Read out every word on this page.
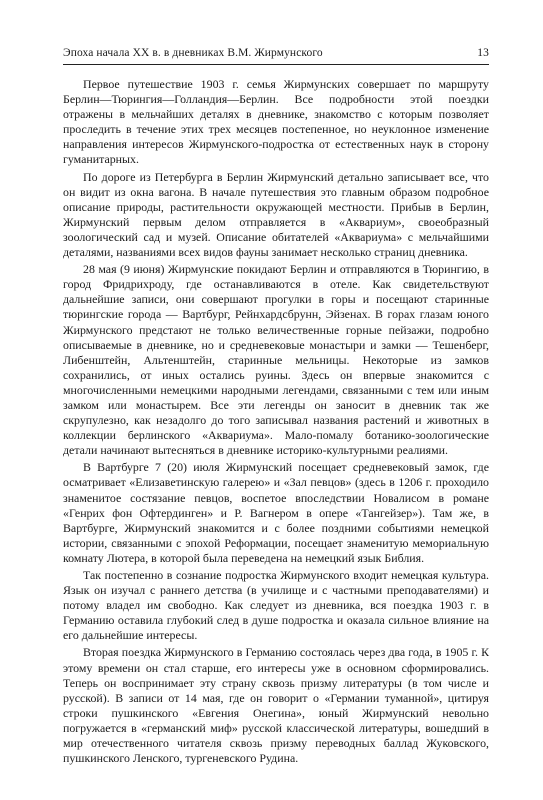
Эпоха начала ХХ в. в дневниках В.М. Жирмунского	13

Первое путешествие 1903 г. семья Жирмунских совершает по маршруту Берлин—Тюрингия—Голландия—Берлин. Все подробности этой поездки отражены в мельчайших деталях в дневнике, знакомство с которым позволяет проследить в течение этих трех месяцев постепенное, но неуклонное изменение направления интересов Жирмунского-подростка от естественных наук в сторону гуманитарных.

По дороге из Петербурга в Берлин Жирмунский детально записывает все, что он видит из окна вагона. В начале путешествия это главным образом подробное описание природы, растительности окружающей местности. Прибыв в Берлин, Жирмунский первым делом отправляется в «Аквариум», своеобразный зоологический сад и музей. Описание обитателей «Аквариума» с мельчайшими деталями, названиями всех видов фауны занимает несколько страниц дневника.

28 мая (9 июня) Жирмунские покидают Берлин и отправляются в Тюрингию, в город Фридрихроду, где останавливаются в отеле. Как свидетельствуют дальнейшие записи, они совершают прогулки в горы и посещают старинные тюрингские города — Вартбург, Рейнхардсбрунн, Эйзенах. В горах глазам юного Жирмунского предстают не только величественные горные пейзажи, подробно описываемые в дневнике, но и средневековые монастыри и замки — Тешенберг, Либенштейн, Альтенштейн, старинные мельницы. Некоторые из замков сохранились, от иных остались руины. Здесь он впервые знакомится с многочисленными немецкими народными легендами, связанными с тем или иным замком или монастырем. Все эти легенды он заносит в дневник так же скрупулезно, как незадолго до того записывал названия растений и животных в коллекции берлинского «Аквариума». Мало-помалу ботанико-зоологические детали начинают вытесняться в дневнике историко-культурными реалиями.

В Вартбурге 7 (20) июля Жирмунский посещает средневековый замок, где осматривает «Елизаветинскую галерею» и «Зал певцов» (здесь в 1206 г. проходило знаменитое состязание певцов, воспетое впоследствии Новалисом в романе «Генрих фон Офтердинген» и Р. Вагнером в опере «Тангейзер»). Там же, в Вартбурге, Жирмунский знакомится и с более поздними событиями немецкой истории, связанными с эпохой Реформации, посещает знаменитую мемориальную комнату Лютера, в которой была переведена на немецкий язык Библия.

Так постепенно в сознание подростка Жирмунского входит немецкая культура. Язык он изучал с раннего детства (в училище и с частными преподавателями) и потому владел им свободно. Как следует из дневника, вся поездка 1903 г. в Германию оставила глубокий след в душе подростка и оказала сильное влияние на его дальнейшие интересы.

Вторая поездка Жирмунского в Германию состоялась через два года, в 1905 г. К этому времени он стал старше, его интересы уже в основном сформировались. Теперь он воспринимает эту страну сквозь призму литературы (в том числе и русской). В записи от 14 мая, где он говорит о «Германии туманной», цитируя строки пушкинского «Евгения Онегина», юный Жирмунский невольно погружается в «германский миф» русской классической литературы, вошедший в мир отечественного читателя сквозь призму переводных баллад Жуковского, пушкинского Ленского, тургеневского Рудина.
